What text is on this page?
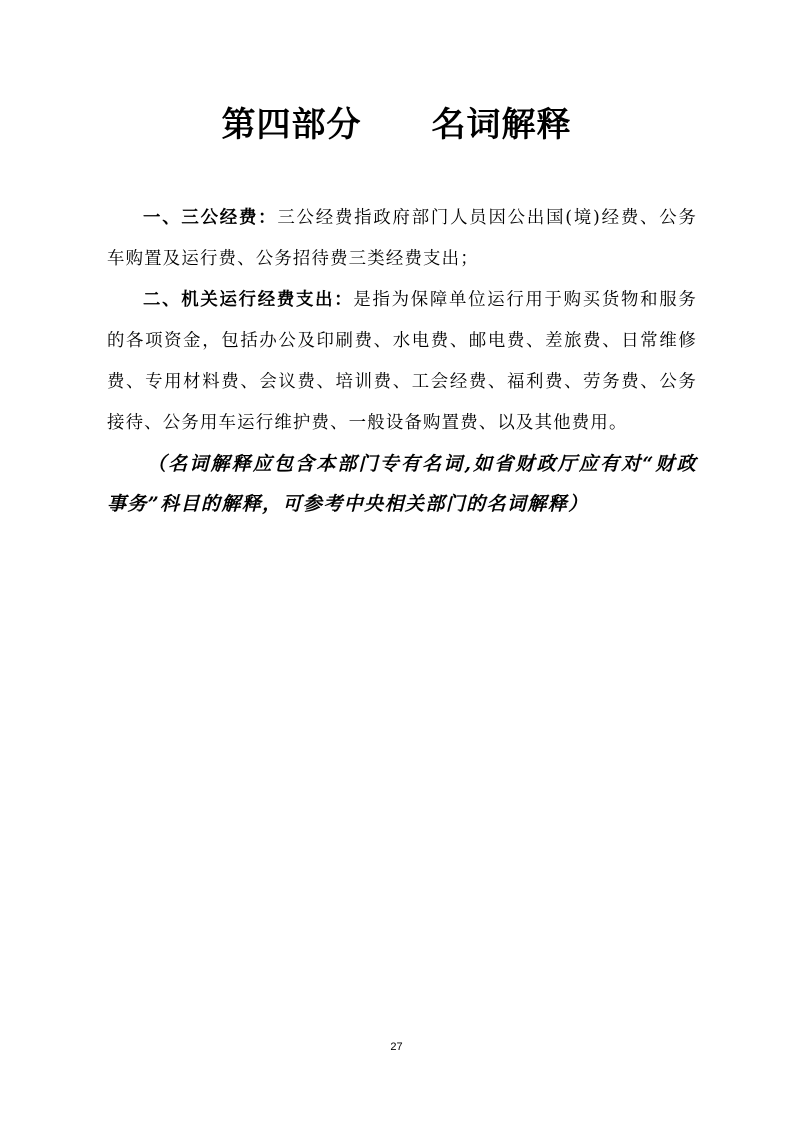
第四部分 名词解释

一、三公经费：三公经费指政府部门人员因公出国(境)经费、公务车购置及运行费、公务招待费三类经费支出；

二、机关运行经费支出：是指为保障单位运行用于购买货物和服务的各项资金，包括办公及印刷费、水电费、邮电费、差旅费、日常维修费、专用材料费、会议费、培训费、工会经费、福利费、劳务费、公务接待、公务用车运行维护费、一般设备购置费、以及其他费用。

（名词解释应包含本部门专有名词,如省财政厅应有对“财政事务”科目的解释，可参考中央相关部门的名词解释）

27
